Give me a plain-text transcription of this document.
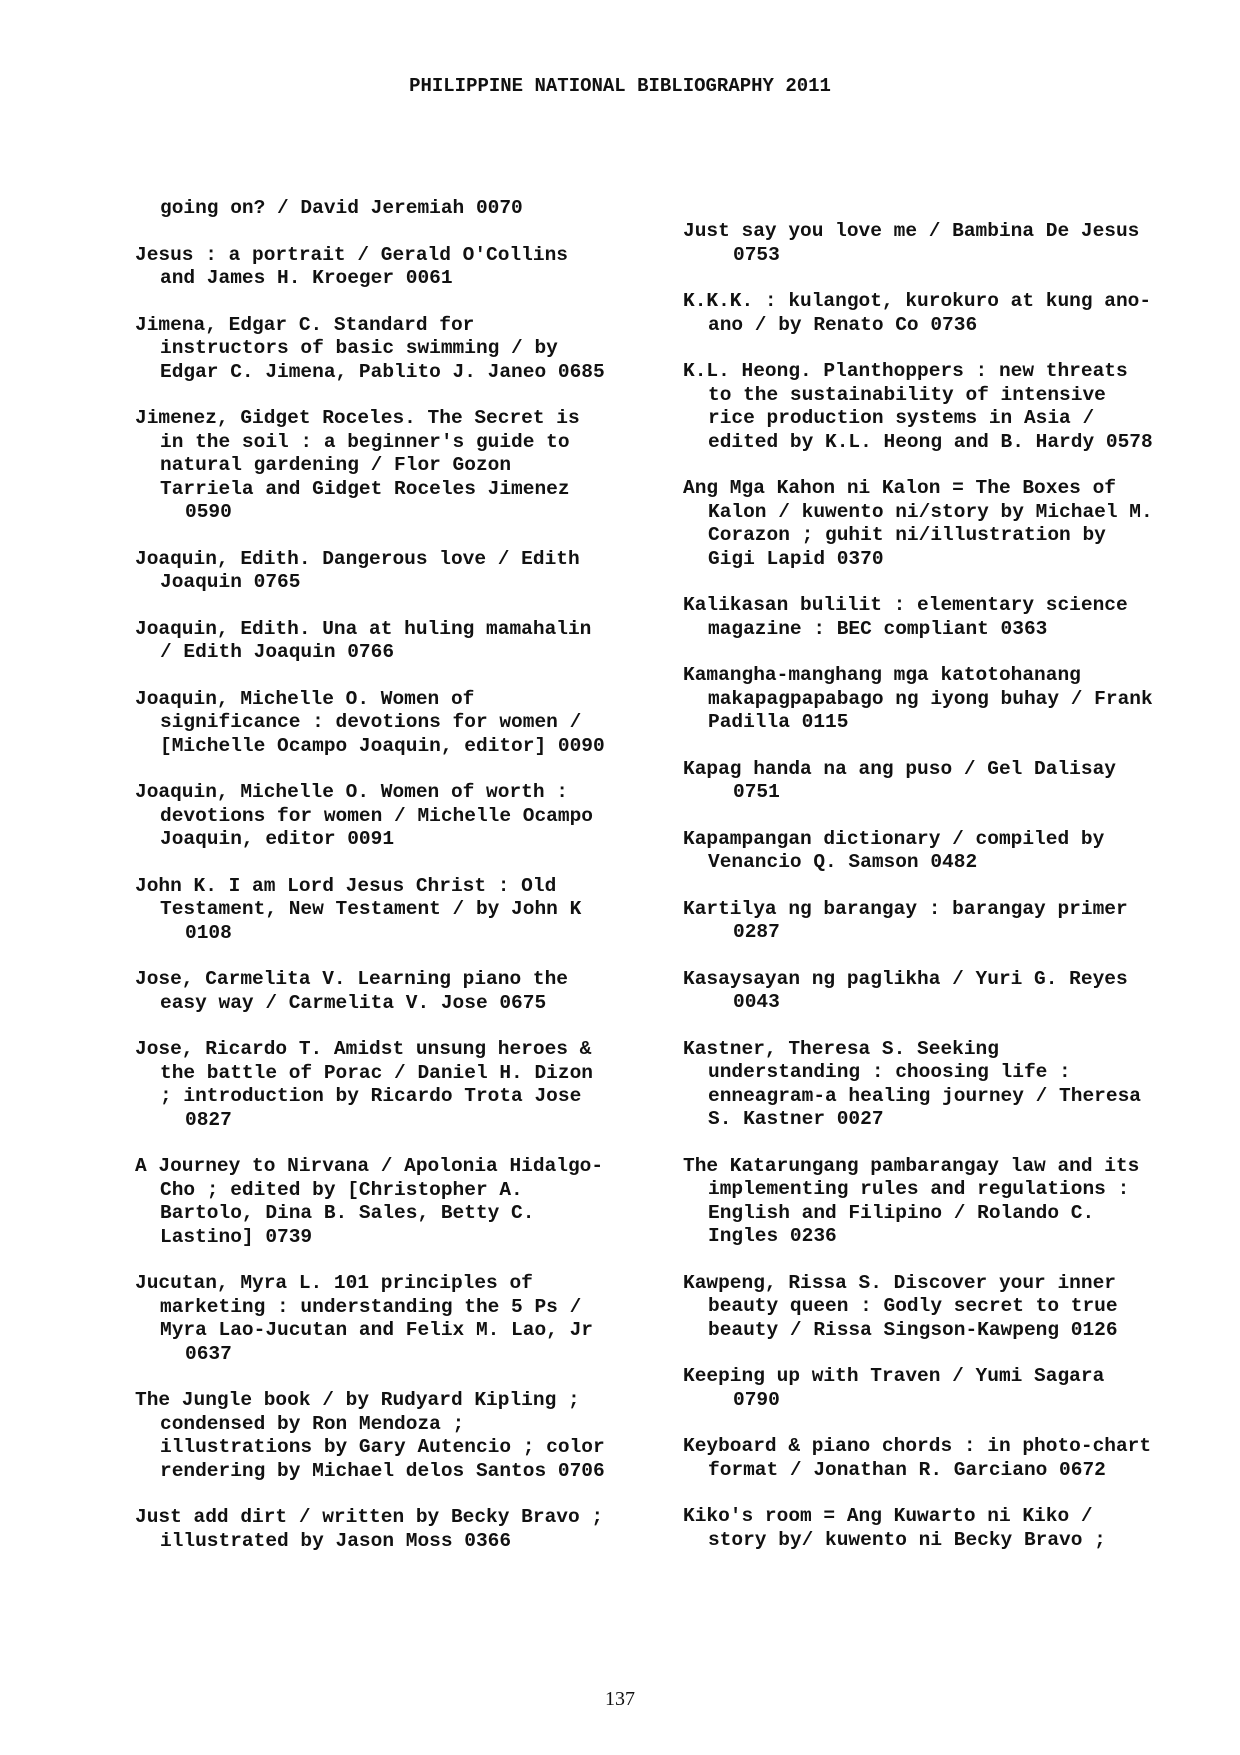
PHILIPPINE NATIONAL BIBLIOGRAPHY 2011
going on? / David Jeremiah 0070
Jesus : a portrait / Gerald O'Collins
and James H. Kroeger 0061
Jimena, Edgar C. Standard for
instructors of basic swimming / by
Edgar C. Jimena, Pablito J. Janeo 0685
Jimenez, Gidget Roceles. The Secret is
in the soil : a beginner's guide to
natural gardening / Flor Gozon
Tarriela and Gidget Roceles Jimenez
0590
Joaquin, Edith. Dangerous love / Edith
Joaquin 0765
Joaquin, Edith. Una at huling mamahalin
/ Edith Joaquin 0766
Joaquin, Michelle O. Women of
significance : devotions for women /
[Michelle Ocampo Joaquin, editor] 0090
Joaquin, Michelle O. Women of worth :
devotions for women / Michelle Ocampo
Joaquin, editor 0091
John K. I am Lord Jesus Christ : Old
Testament, New Testament / by John K
0108
Jose, Carmelita V. Learning piano the
easy way / Carmelita V. Jose 0675
Jose, Ricardo T. Amidst unsung heroes &
the battle of Porac / Daniel H. Dizon
; introduction by Ricardo Trota Jose
0827
A Journey to Nirvana / Apolonia Hidalgo-
Cho ; edited by [Christopher A.
Bartolo, Dina B. Sales, Betty C.
Lastino] 0739
Jucutan, Myra L. 101 principles of
marketing : understanding the 5 Ps /
Myra Lao-Jucutan and Felix M. Lao, Jr
0637
The Jungle book / by Rudyard Kipling ;
condensed by Ron Mendoza ;
illustrations by Gary Autencio ; color
rendering by Michael delos Santos 0706
Just add dirt / written by Becky Bravo ;
illustrated by Jason Moss 0366
Just say you love me / Bambina De Jesus
0753
K.K.K. : kulangot, kurokuro at kung ano-
ano / by Renato Co 0736
K.L. Heong. Planthoppers : new threats
to the sustainability of intensive
rice production systems in Asia /
edited by K.L. Heong and B. Hardy 0578
Ang Mga Kahon ni Kalon = The Boxes of
Kalon / kuwento ni/story by Michael M.
Corazon ; guhit ni/illustration by
Gigi Lapid 0370
Kalikasan bulilit : elementary science
magazine : BEC compliant 0363
Kamangha-manghang mga katotohanang
makapagpapabago ng iyong buhay / Frank
Padilla 0115
Kapag handa na ang puso / Gel Dalisay
0751
Kapampangan dictionary / compiled by
Venancio Q. Samson 0482
Kartilya ng barangay : barangay primer
0287
Kasaysayan ng paglikha / Yuri G. Reyes
0043
Kastner, Theresa S. Seeking
understanding : choosing life :
enneagram-a healing journey / Theresa
S. Kastner 0027
The Katarungang pambarangay law and its
implementing rules and regulations :
English and Filipino / Rolando C.
Ingles 0236
Kawpeng, Rissa S. Discover your inner
beauty queen : Godly secret to true
beauty / Rissa Singson-Kawpeng 0126
Keeping up with Traven / Yumi Sagara
0790
Keyboard & piano chords : in photo-chart
format / Jonathan R. Garciano 0672
Kiko's room = Ang Kuwarto ni Kiko /
story by/ kuwento ni Becky Bravo ;
137
